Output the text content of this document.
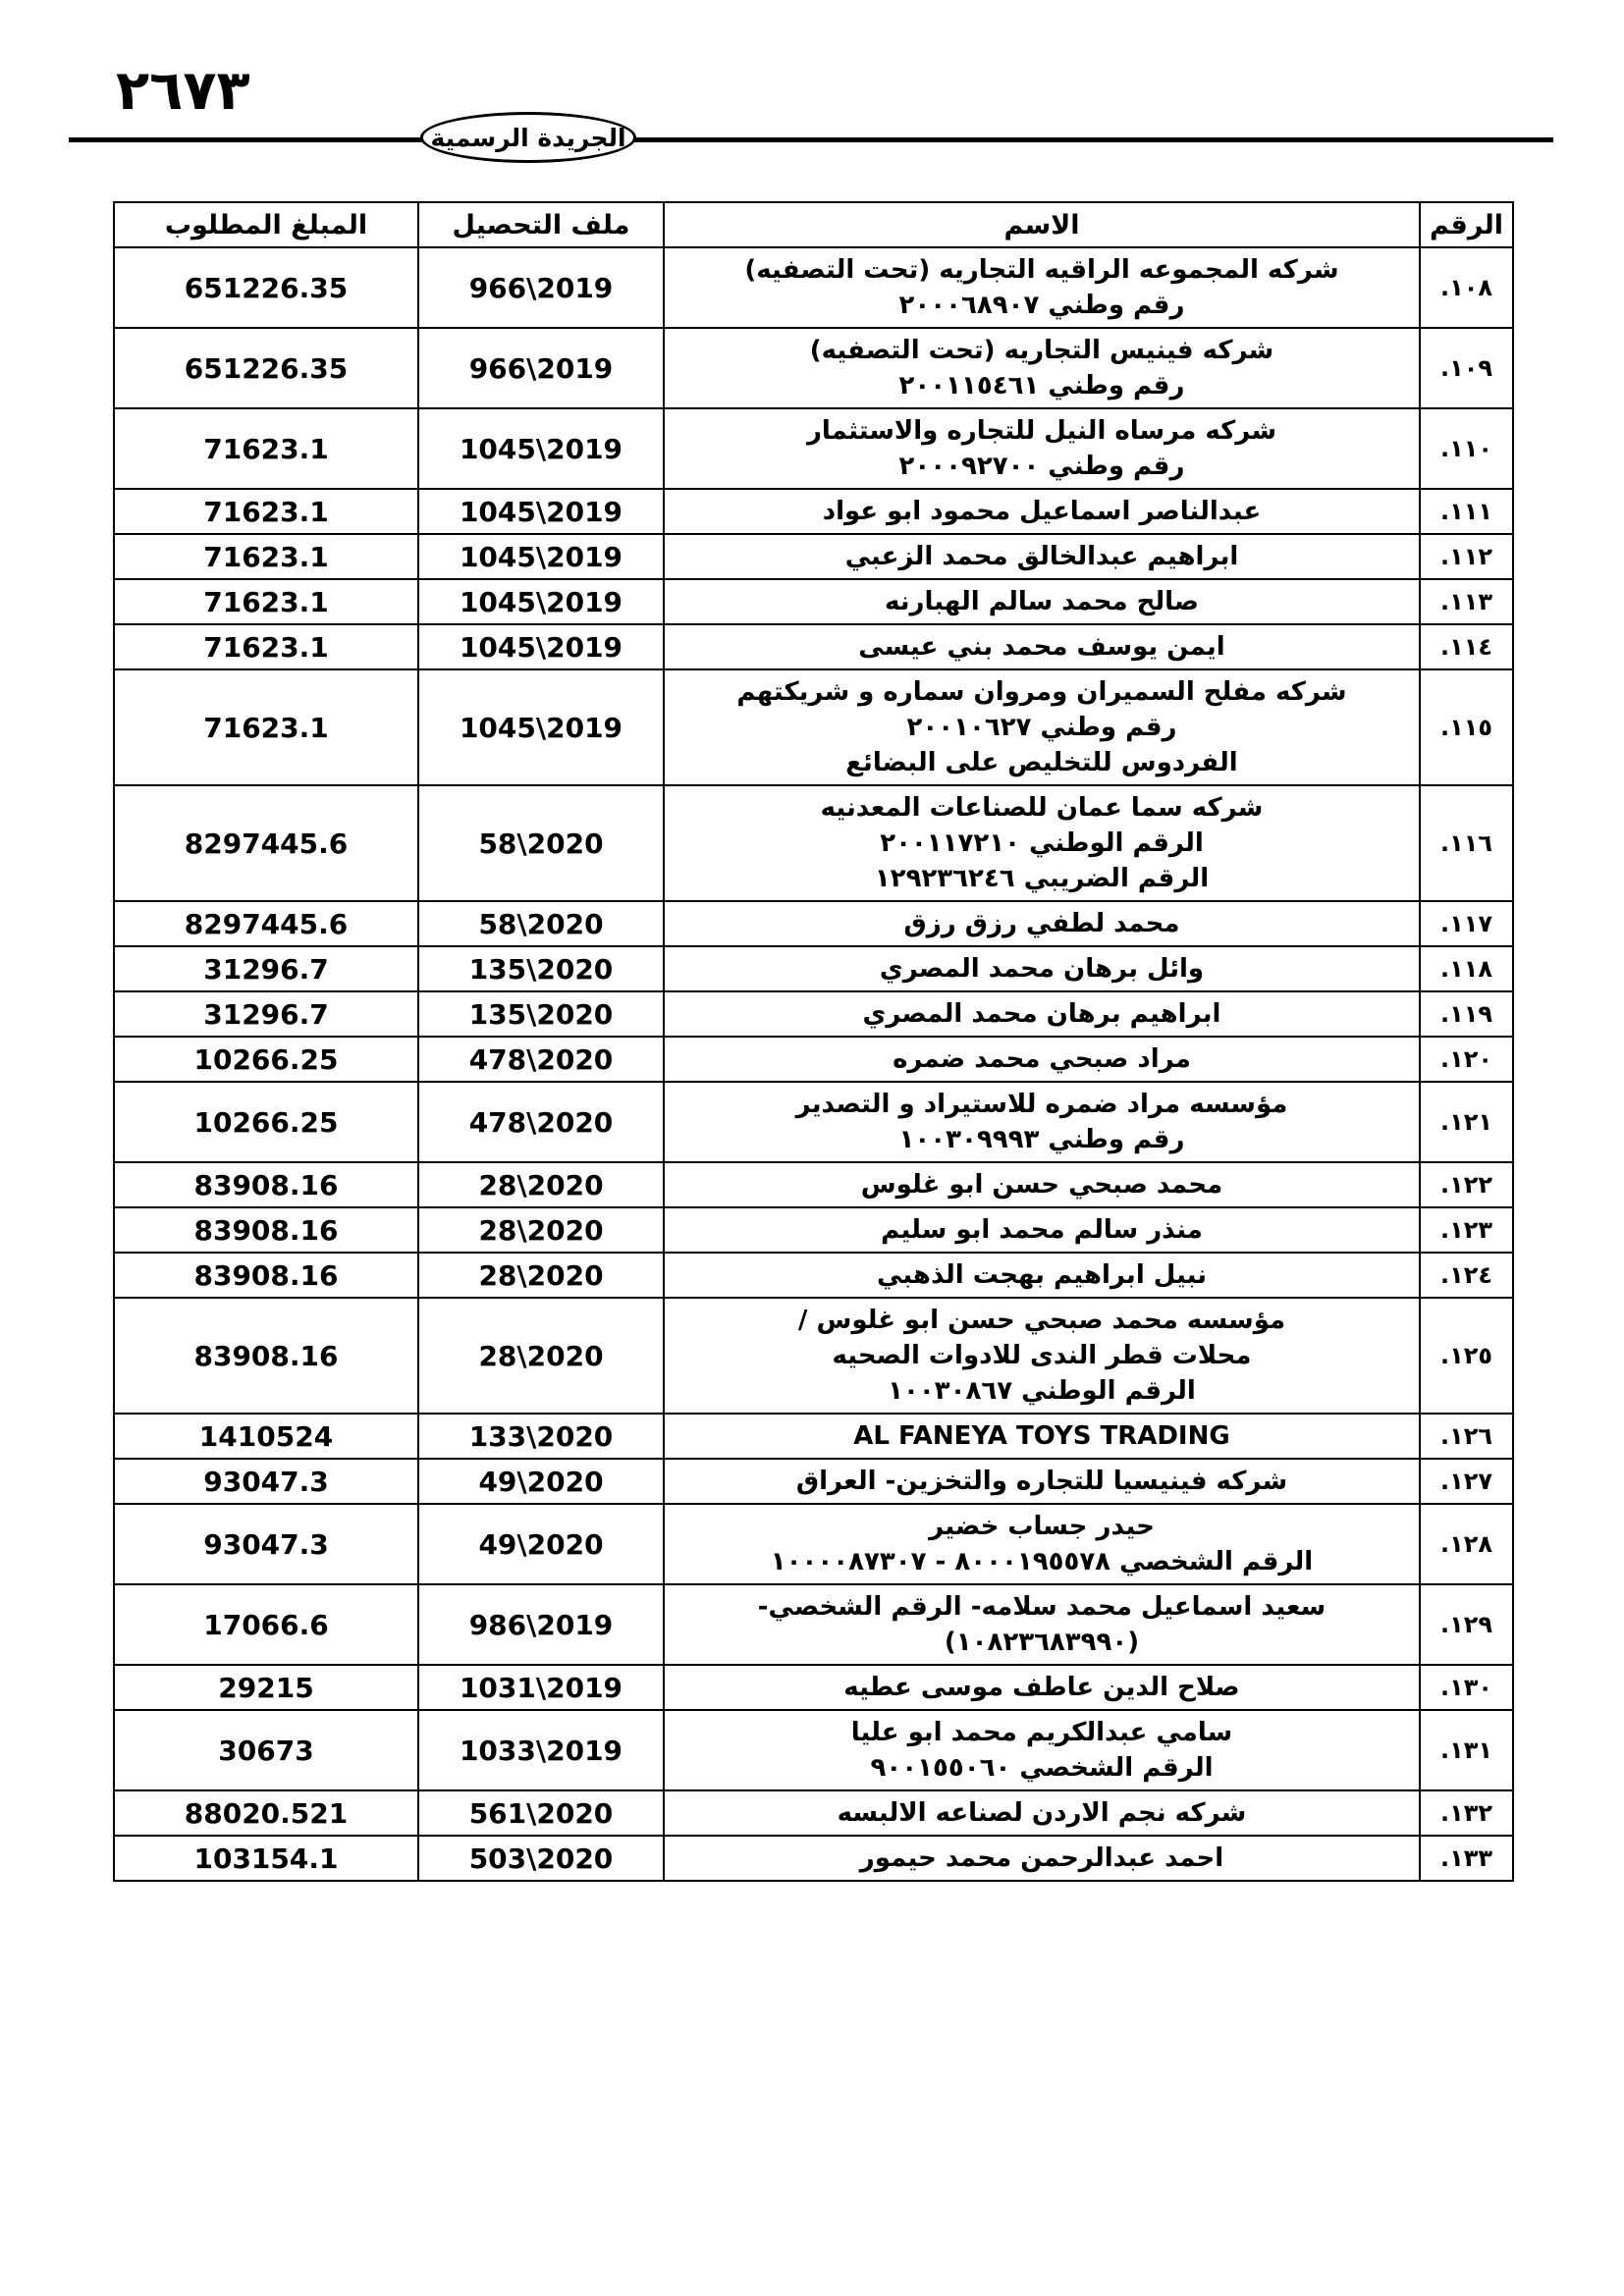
٢٦٧٣
الجريدة الرسمية
الرقم	الاسم	ملف التحصيل	المبلغ المطلوب
١٠٨.	شركه المجموعه الراقيه التجاريه (تحت التصفيه)
رقم وطني ٢٠٠٠٦٨٩٠٧	966\2019	651226.35
١٠٩.	شركه فينيس التجاريه (تحت التصفيه)
رقم وطني ٢٠٠١١٥٤٦١	966\2019	651226.35
١١٠.	شركه مرساه النيل للتجاره والاستثمار
رقم وطني ٢٠٠٠٩٢٧٠٠	1045\2019	71623.1
١١١.	عبدالناصر اسماعيل محمود ابو عواد	1045\2019	71623.1
١١٢.	ابراهيم عبدالخالق محمد الزعبي	1045\2019	71623.1
١١٣.	صالح محمد سالم الهبارنه	1045\2019	71623.1
١١٤.	ايمن يوسف محمد بني عيسى	1045\2019	71623.1
١١٥.	شركه مفلح السميران ومروان سماره و شريكتهم
رقم وطني ٢٠٠١٠٦٢٧
الفردوس للتخليص على البضائع	1045\2019	71623.1
١١٦.	شركه سما عمان للصناعات المعدنيه
الرقم الوطني ٢٠٠١١٧٢١٠
الرقم الضريبي ١٢٩٢٣٦٢٤٦	58\2020	8297445.6
١١٧.	محمد لطفي رزق رزق	58\2020	8297445.6
١١٨.	وائل برهان محمد المصري	135\2020	31296.7
١١٩.	ابراهيم برهان محمد المصري	135\2020	31296.7
١٢٠.	مراد صبحي محمد ضمره	478\2020	10266.25
١٢١.	مؤسسه مراد ضمره للاستيراد و التصدير
رقم وطني ١٠٠٣٠٩٩٩٣	478\2020	10266.25
١٢٢.	محمد صبحي حسن ابو غلوس	28\2020	83908.16
١٢٣.	منذر سالم محمد ابو سليم	28\2020	83908.16
١٢٤.	نبيل ابراهيم بهجت الذهبي	28\2020	83908.16
١٢٥.	مؤسسه محمد صبحي حسن ابو غلوس /
محلات قطر الندى للادوات الصحيه
الرقم الوطني ١٠٠٣٠٨٦٧	28\2020	83908.16
١٢٦.	AL FANEYA TOYS TRADING	133\2020	1410524
١٢٧.	شركه فينيسيا للتجاره والتخزين- العراق	49\2020	93047.3
١٢٨.	حيدر جساب خضير
الرقم الشخصي ٨٠٠٠١٩٥٥٧٨ - ١٠٠٠٠٨٧٣٠٧	49\2020	93047.3
١٢٩.	سعيد اسماعيل محمد سلامه- الرقم الشخصي-
(١٠٨٢٣٦٨٣٩٩٠)	986\2019	17066.6
١٣٠.	صلاح الدين عاطف موسى عطيه	1031\2019	29215
١٣١.	سامي عبدالكريم محمد ابو عليا
الرقم الشخصي ٩٠٠١٥٥٠٦٠	1033\2019	30673
١٣٢.	شركه نجم الاردن لصناعه الالبسه	561\2020	88020.521
١٣٣.	احمد عبدالرحمن محمد حيمور	503\2020	103154.1
